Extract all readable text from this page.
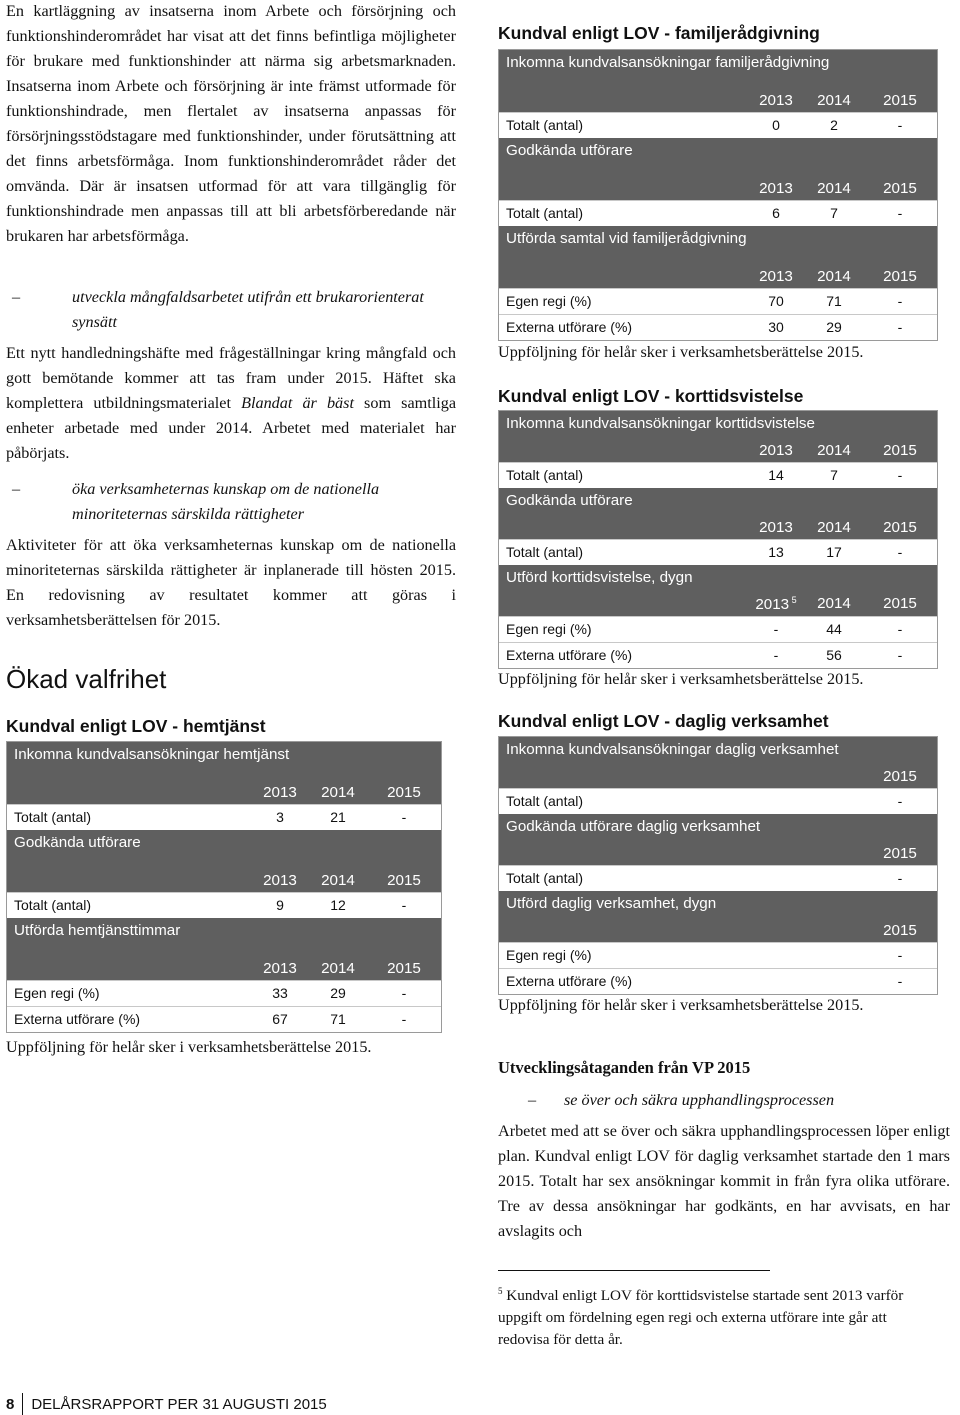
En kartläggning av insatserna inom Arbete och försörjning och funktionshinderområdet har visat att det finns befintliga möjligheter för brukare med funktionshinder att närma sig arbetsmarknaden. Insatserna inom Arbete och försörjning är inte främst utformade för funktionshindrade, men flertalet av insatserna anpassas för försörjningsstödstagare med funktionshinder, under förutsättning att det finns arbetsförmåga. Inom funktionshinderområdet råder det omvända. Där är insatsen utformad för att vara tillgänglig för funktionshindrade men anpassas till att bli arbetsförberedande när brukaren har arbetsförmåga.

–	utveckla mångfaldsarbetet utifrån ett brukarorienterat synsätt

Ett nytt handledningshäfte med frågeställningar kring mångfald och gott bemötande kommer att tas fram under 2015. Häftet ska komplettera utbildningsmaterialet Blandat är bäst som samtliga enheter arbetade med under 2014. Arbetet med materialet har påbörjats.

–	öka verksamheternas kunskap om de nationella minoriteternas särskilda rättigheter

Aktiviteter för att öka verksamheternas kunskap om de nationella minoriteternas särskilda rättigheter är inplanerade till hösten 2015. En redovisning av resultatet kommer att göras i verksamhetsberättelsen för 2015.

Ökad valfrihet
Kundval enligt LOV - hemtjänst
Inkomna kundvalsansökningar hemtjänst
2013	2014	2015
Totalt (antal)	3	21	-
Godkända utförare
2013	2014	2015
Totalt (antal)	9	12	-
Utförda hemtjänsttimmar
2013	2014	2015
Egen regi (%)	33	29	-
Externa utförare (%)	67	71	-

Uppföljning för helår sker i verksamhetsberättelse 2015.

Kundval enligt LOV - familjerådgivning
Inkomna kundvalsansökningar familjerådgivning
2013	2014	2015
Totalt (antal)	0	2	-
Godkända utförare
2013	2014	2015
Totalt (antal)	6	7	-
Utförda samtal vid familjerådgivning
2013	2014	2015
Egen regi (%)	70	71	-
Externa utförare (%)	30	29	-

Uppföljning för helår sker i verksamhetsberättelse 2015.

Kundval enligt LOV - korttidsvistelse
Inkomna kundvalsansökningar korttidsvistelse
2013	2014	2015
Totalt (antal)	14	7	-
Godkända utförare
2013	2014	2015
Totalt (antal)	13	17	-
Utförd korttidsvistelse, dygn
2013 $^5$	2014	2015
Egen regi (%)	-	44	-
Externa utförare (%)	-	56	-

Uppföljning för helår sker i verksamhetsberättelse 2015.

Kundval enligt LOV - daglig verksamhet
Inkomna kundvalsansökningar daglig verksamhet
2015
Totalt (antal)	-
Godkända utförare daglig verksamhet
2015
Totalt (antal)	-
Utförd daglig verksamhet, dygn
2015
Egen regi (%)	-
Externa utförare (%)	-

Uppföljning för helår sker i verksamhetsberättelse 2015.

Utvecklingsåtaganden från VP 2015

– se över och säkra upphandlingsprocessen

Arbetet med att se över och säkra upphandlingsprocessen löper enligt plan. Kundval enligt LOV för daglig verksamhet startade den 1 mars 2015. Totalt har sex ansökningar kommit in från fyra olika utförare. Tre av dessa ansökningar har godkänts, en har avvisats, en har avslagits och

$^5$ Kundval enligt LOV för korttidsvistelse startade sent 2013 varför uppgift om fördelning egen regi och externa utförare inte går att redovisa för detta år.

8 DELÅRSRAPPORT PER 31 AUGUSTI 2015
